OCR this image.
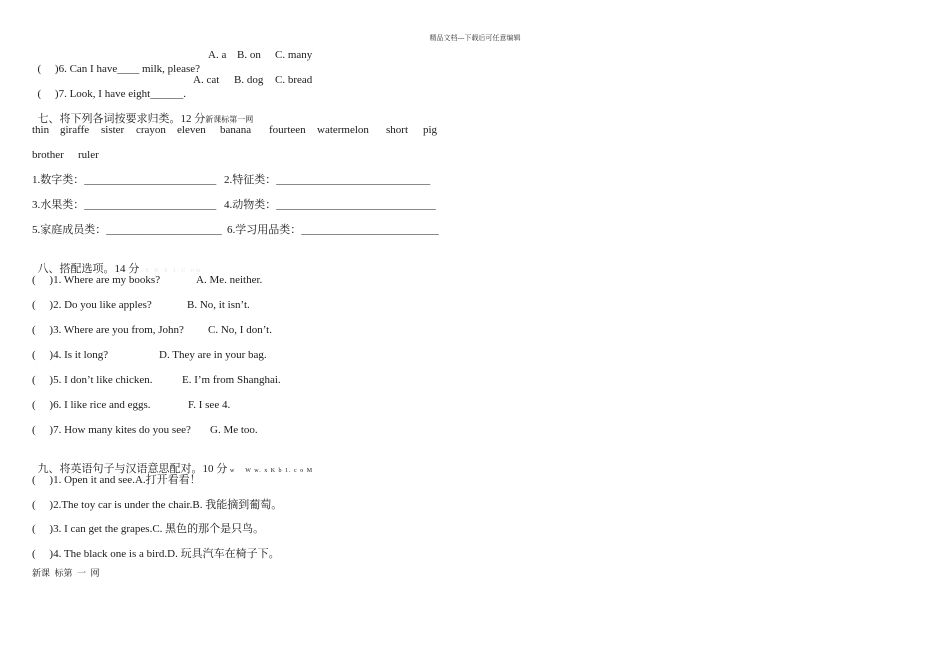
精品文档---下载后可任意编辑

(     )6. Can I have____ milk, please?
A. a B. on C. many

(     )7. Look, I have eight______.
A. cat B. dog C. bread

七、将下列各词按要求归类。12 分新课标第一网

thin

giraffe

sister

crayon

eleven

banana

fourteen

watermelon

short

pig

brother

ruler

1.数字类：________________________

2.特征类：____________________________

3.水果类：________________________

4.动物类：_____________________________

5.家庭成员类：_____________________

6.学习用品类：_________________________

八、搭配选项。14 分 X K b 1 C om

(     )1. Where are my books?	A. Me. neither.
(     )2. Do you like apples?	B. No, it isn’t.
(     )3. Where are you from, John? C. No, I don’t.
(     )4. Is it long?	D. They are in your bag.
(     )5. I don’t like chicken.	E. I’m from Shanghai.
(     )6. I like rice and eggs.	F. I see 4.
(     )7. How many kites do you see? G. Me too.

九、将英语句子与汉语意思配对。10 分 w    W w. x K b 1. c o M

(     )1. Open it and see.A.打开看看！
(     )2.The toy car is under the chair.B. 我能摘到葡萄。
(     )3. I can get the grapes.C. 黑色的那个是只鸟。
(     )4. The black one is a bird.D. 玩具汽车在椅子下。
新课  标第  一  网
